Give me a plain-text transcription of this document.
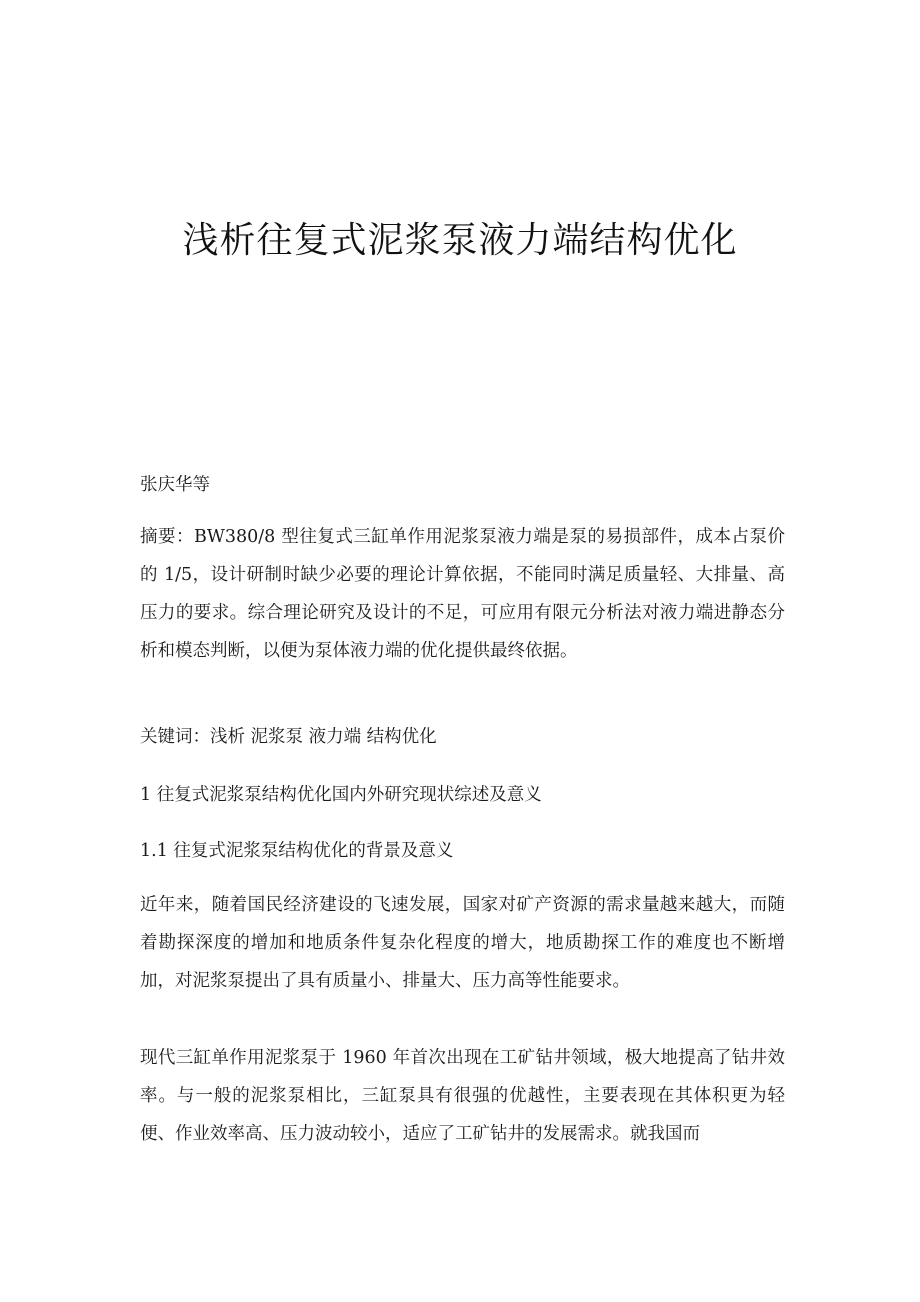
浅析往复式泥浆泵液力端结构优化
张庆华等
摘要：BW380/8 型往复式三缸单作用泥浆泵液力端是泵的易损部件，成本占泵价的 1/5，设计研制时缺少必要的理论计算依据，不能同时满足质量轻、大排量、高压力的要求。综合理论研究及设计的不足，可应用有限元分析法对液力端进静态分析和模态判断，以便为泵体液力端的优化提供最终依据。
关键词：浅析 泥浆泵 液力端 结构优化
1 往复式泥浆泵结构优化国内外研究现状综述及意义
1.1 往复式泥浆泵结构优化的背景及意义
近年来，随着国民经济建设的飞速发展，国家对矿产资源的需求量越来越大，而随着勘探深度的增加和地质条件复杂化程度的增大，地质勘探工作的难度也不断增加，对泥浆泵提出了具有质量小、排量大、压力高等性能要求。
现代三缸单作用泥浆泵于 1960 年首次出现在工矿钻井领域，极大地提高了钻井效率。与一般的泥浆泵相比，三缸泵具有很强的优越性，主要表现在其体积更为轻便、作业效率高、压力波动较小，适应了工矿钻井的发展需求。就我国而
